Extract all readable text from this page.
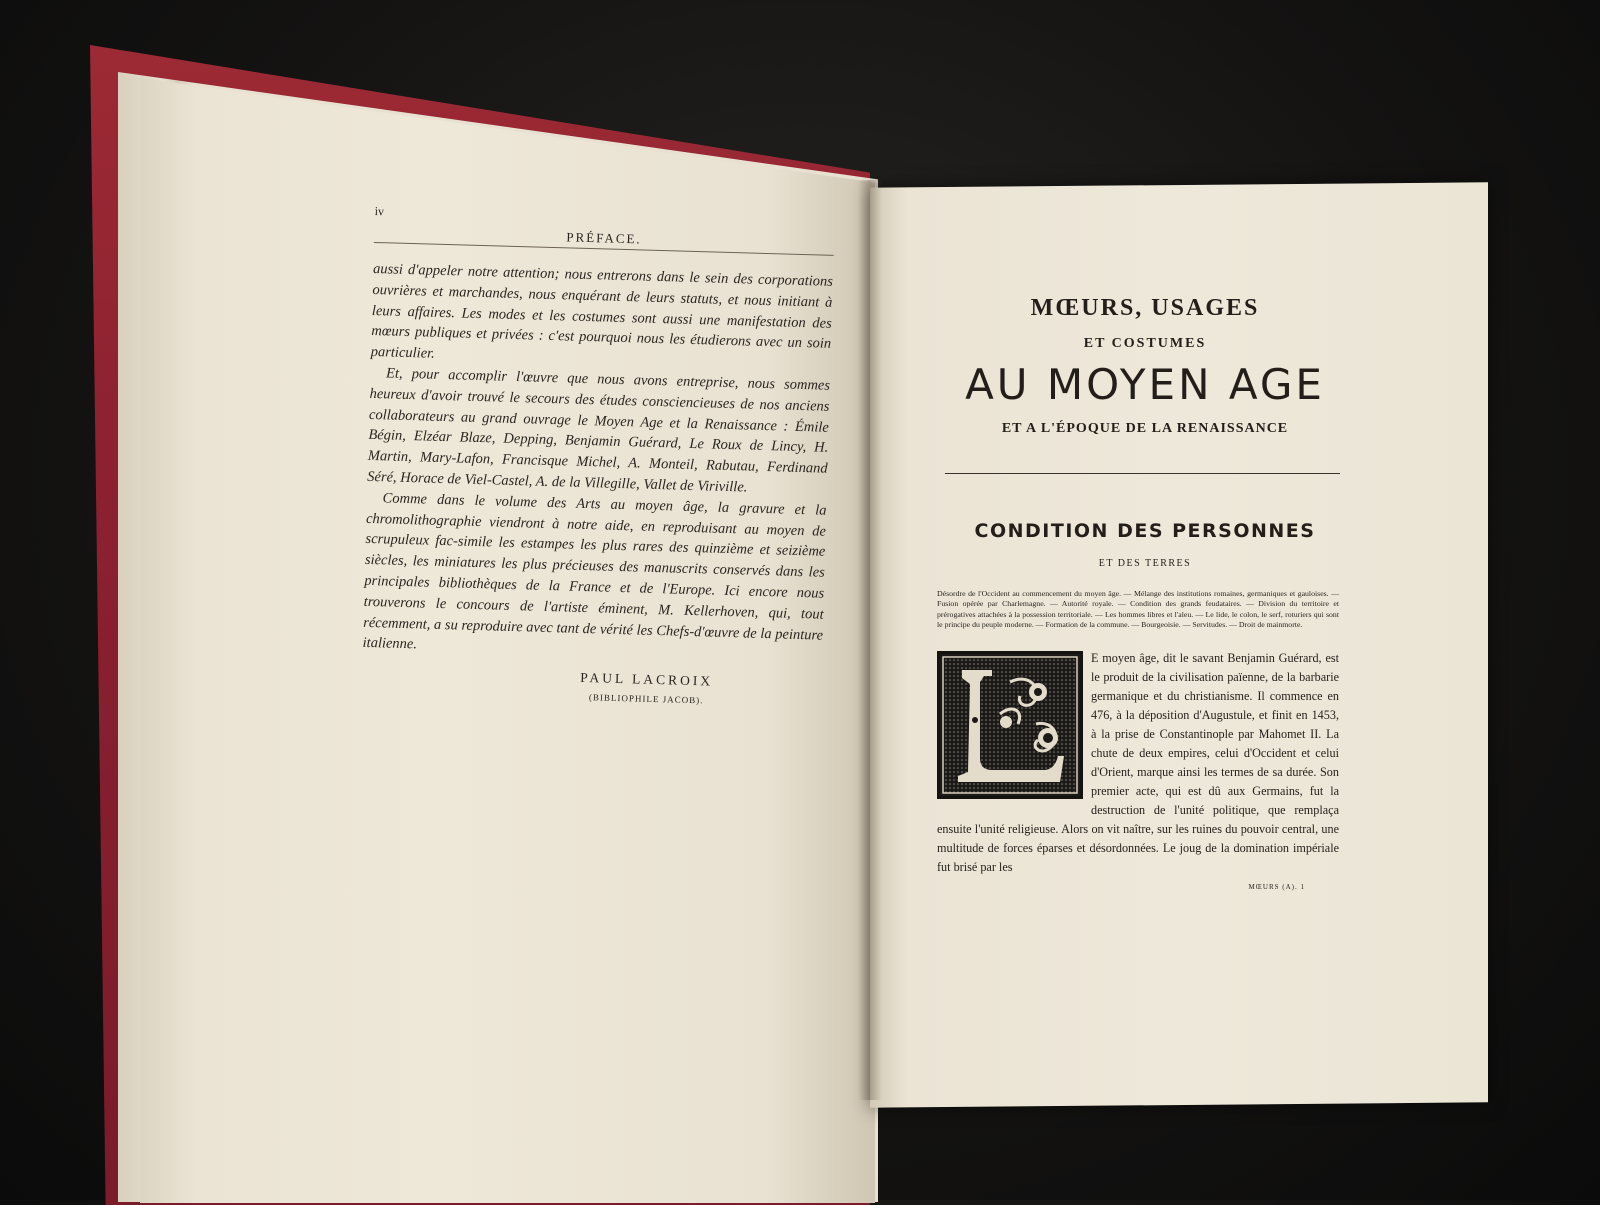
iv
PRÉFACE.

aussi d'appeler notre attention; nous entrerons dans le sein des corporations ouvrières et marchandes, nous enquérant de leurs statuts, et nous initiant à leurs affaires. Les modes et les costumes sont aussi une manifestation des mœurs publiques et privées : c'est pourquoi nous les étudierons avec un soin particulier.

Et, pour accomplir l'œuvre que nous avons entreprise, nous sommes heureux d'avoir trouvé le secours des études consciencieuses de nos anciens collaborateurs au grand ouvrage le Moyen Age et la Renaissance : Émile Bégin, Elzéar Blaze, Depping, Benjamin Guérard, Le Roux de Lincy, H. Martin, Mary-Lafon, Francisque Michel, A. Monteil, Rabutau, Ferdinand Séré, Horace de Viel-Castel, A. de la Villegille, Vallet de Viriville.

Comme dans le volume des Arts au moyen âge, la gravure et la chromolithographie viendront à notre aide, en reproduisant au moyen de scrupuleux fac-simile les estampes les plus rares des quinzième et seizième siècles, les miniatures les plus précieuses des manuscrits conservés dans les principales bibliothèques de la France et de l'Europe. Ici encore nous trouverons le concours de l'artiste éminent, M. Kellerhoven, qui, tout récemment, a su reproduire avec tant de vérité les Chefs-d'œuvre de la peinture italienne.

PAUL LACROIX
(BIBLIOPHILE JACOB).
MŒURS, USAGES
ET COSTUMES
AU MOYEN AGE
ET A L'ÉPOQUE DE LA RENAISSANCE
CONDITION DES PERSONNES
ET DES TERRES

Désordre de l'Occident au commencement du moyen âge. — Mélange des institutions romaines, germaniques et gauloises. — Fusion opérée par Charlemagne. — Autorité royale. — Condition des grands feudataires. — Division du territoire et prérogatives attachées à la possession territoriale. — Les hommes libres et l'aleu. — Le lide, le colon, le serf, roturiers qui sont le principe du peuple moderne. — Formation de la commune. — Bourgeoisie. — Servitudes. — Droit de mainmorte.

E moyen âge, dit le savant Benjamin Guérard, est le produit de la civilisation païenne, de la barbarie germanique et du christianisme. Il commence en 476, à la déposition d'Augustule, et finit en 1453, à la prise de Constantinople par Mahomet II. La chute de deux empires, celui d'Occident et celui d'Orient, marque ainsi les termes de sa durée. Son premier acte, qui est dû aux Germains, fut la destruction de l'unité politique, que remplaça ensuite l'unité religieuse. Alors on vit naître, sur les ruines du pouvoir central, une multitude de forces éparses et désordonnées. Le joug de la domination impériale fut brisé par les

MŒURS (A). 1
